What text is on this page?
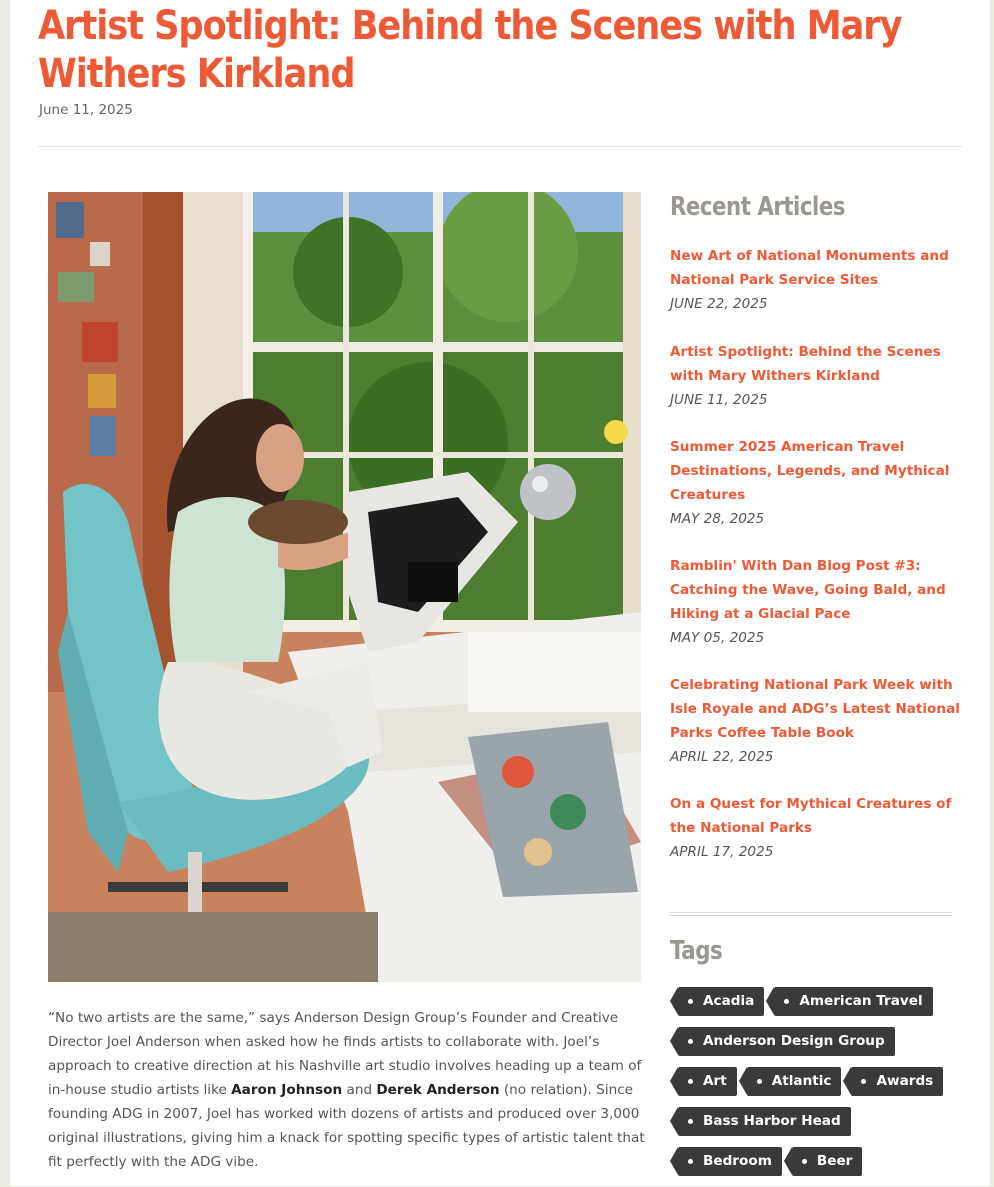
Artist Spotlight: Behind the Scenes with Mary Withers Kirkland
June 11, 2025

“No two artists are the same,” says Anderson Design Group’s Founder and Creative Director Joel Anderson when asked how he finds artists to collaborate with. Joel’s approach to creative direction at his Nashville art studio involves heading up a team of in-house studio artists like Aaron Johnson and Derek Anderson (no relation). Since founding ADG in 2007, Joel has worked with dozens of artists and produced over 3,000 original illustrations, giving him a knack for spotting specific types of artistic talent that fit perfectly with the ADG vibe.

Recent Articles
New Art of National Monuments and National Park Service Sites
JUNE 22, 2025
Artist Spotlight: Behind the Scenes with Mary Withers Kirkland
JUNE 11, 2025
Summer 2025 American Travel Destinations, Legends, and Mythical Creatures
MAY 28, 2025
Ramblin' With Dan Blog Post #3: Catching the Wave, Going Bald, and Hiking at a Glacial Pace
MAY 05, 2025
Celebrating National Park Week with Isle Royale and ADG’s Latest National Parks Coffee Table Book
APRIL 22, 2025
On a Quest for Mythical Creatures of the National Parks
APRIL 17, 2025
Tags
Acadia	American Travel
Anderson Design Group
Art	Atlantic	Awards
Bass Harbor Head
Bedroom	Beer
